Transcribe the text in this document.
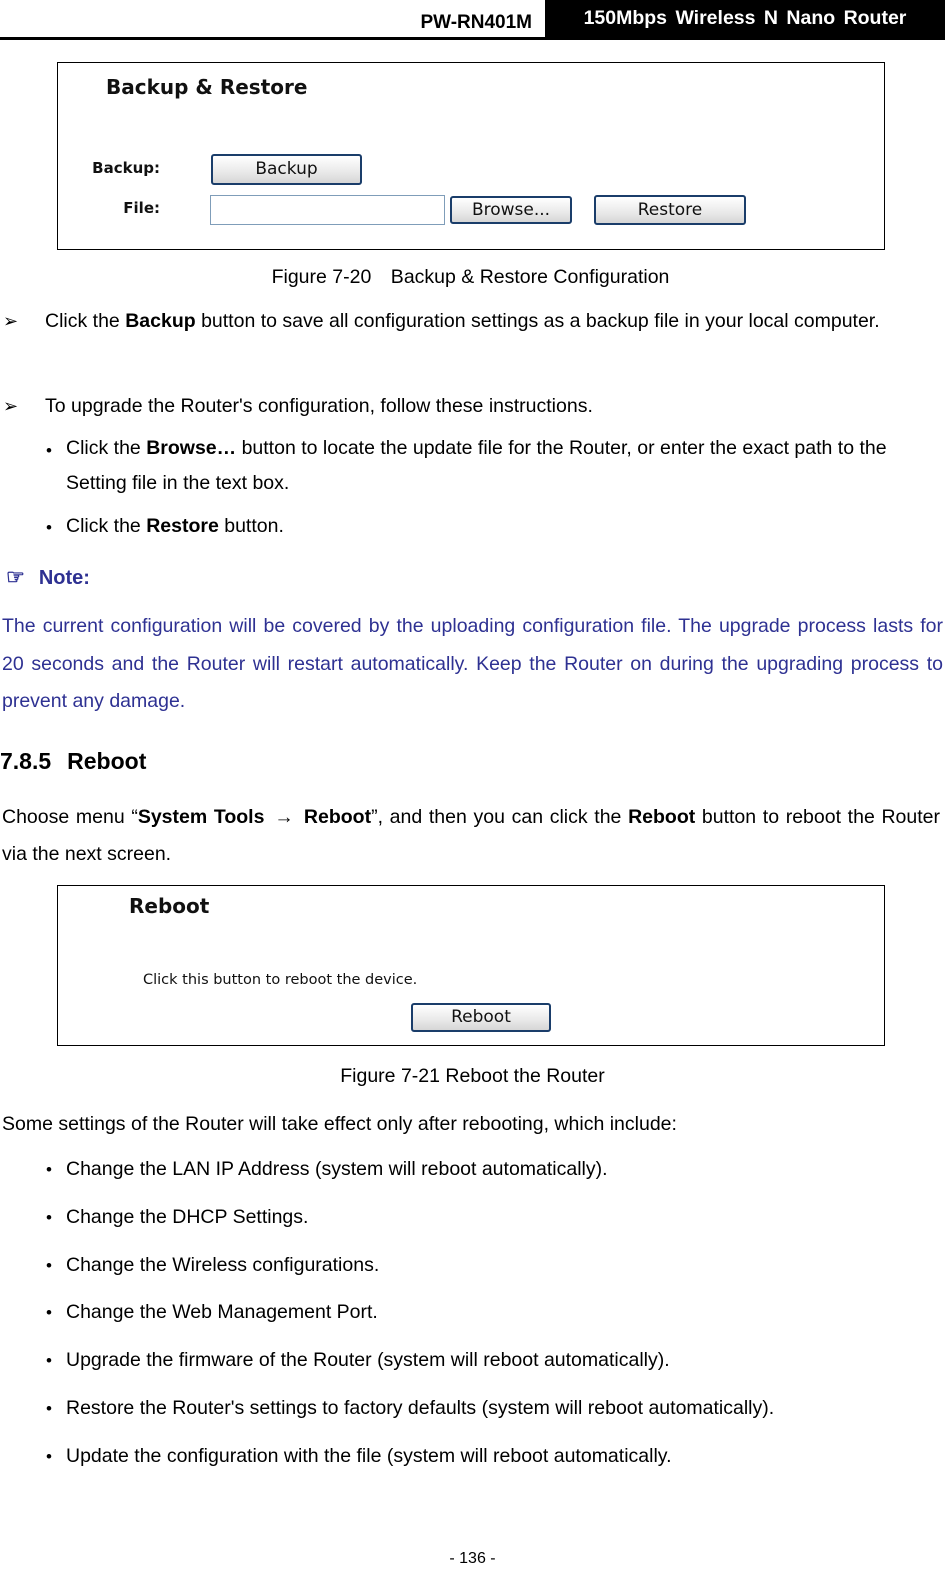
PW-RN401M	150Mbps Wireless N Nano Router
Backup & Restore
Backup:	Backup
File:	Browse...	Restore
Figure 7-20　Backup & Restore Configuration
➢ Click the Backup button to save all configuration settings as a backup file in your local computer.
➢ To upgrade the Router's configuration, follow these instructions.
• Click the Browse… button to locate the update file for the Router, or enter the exact path to the Setting file in the text box.
• Click the Restore button.
☞ Note:
The current configuration will be covered by the uploading configuration file. The upgrade process lasts for 20 seconds and the Router will restart automatically. Keep the Router on during the upgrading process to prevent any damage.
7.8.5 Reboot
Choose menu “System Tools → Reboot”, and then you can click the Reboot button to reboot the Router via the next screen.
Reboot
Click this button to reboot the device.
Reboot
Figure 7-21 Reboot the Router
Some settings of the Router will take effect only after rebooting, which include:
• Change the LAN IP Address (system will reboot automatically).
• Change the DHCP Settings.
• Change the Wireless configurations.
• Change the Web Management Port.
• Upgrade the firmware of the Router (system will reboot automatically).
• Restore the Router's settings to factory defaults (system will reboot automatically).
• Update the configuration with the file (system will reboot automatically.
- 136 -
